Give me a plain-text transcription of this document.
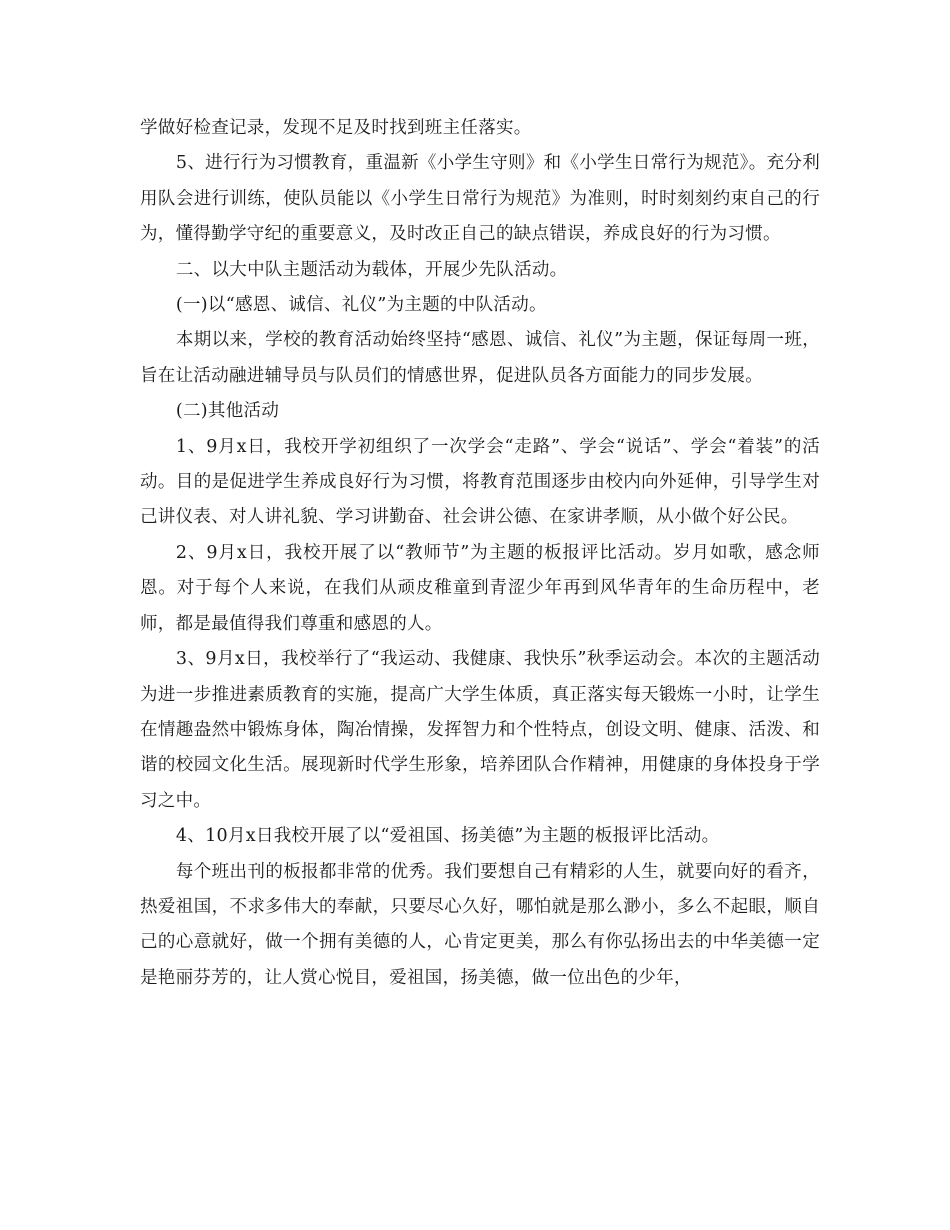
学做好检查记录，发现不足及时找到班主任落实。

5、进行行为习惯教育，重温新《小学生守则》和《小学生日常行为规范》。充分利用队会进行训练，使队员能以《小学生日常行为规范》为准则，时时刻刻约束自己的行为，懂得勤学守纪的重要意义，及时改正自己的缺点错误，养成良好的行为习惯。

二、以大中队主题活动为载体，开展少先队活动。

(一)以“感恩、诚信、礼仪”为主题的中队活动。

本期以来，学校的教育活动始终坚持“感恩、诚信、礼仪”为主题，保证每周一班，旨在让活动融进辅导员与队员们的情感世界，促进队员各方面能力的同步发展。

(二)其他活动

1、9月x日，我校开学初组织了一次学会“走路”、学会“说话”、学会“着装”的活动。目的是促进学生养成良好行为习惯，将教育范围逐步由校内向外延伸，引导学生对己讲仪表、对人讲礼貌、学习讲勤奋、社会讲公德、在家讲孝顺，从小做个好公民。

2、9月x日，我校开展了以“教师节”为主题的板报评比活动。岁月如歌，感念师恩。对于每个人来说，在我们从顽皮稚童到青涩少年再到风华青年的生命历程中，老师，都是最值得我们尊重和感恩的人。

3、9月x日，我校举行了“我运动、我健康、我快乐”秋季运动会。本次的主题活动为进一步推进素质教育的实施，提高广大学生体质，真正落实每天锻炼一小时，让学生在情趣盎然中锻炼身体，陶冶情操，发挥智力和个性特点，创设文明、健康、活泼、和谐的校园文化生活。展现新时代学生形象，培养团队合作精神，用健康的身体投身于学习之中。

4、10月x日我校开展了以“爱祖国、扬美德”为主题的板报评比活动。

每个班出刊的板报都非常的优秀。我们要想自己有精彩的人生，就要向好的看齐，热爱祖国，不求多伟大的奉献，只要尽心久好，哪怕就是那么渺小，多么不起眼，顺自己的心意就好，做一个拥有美德的人，心肯定更美，那么有你弘扬出去的中华美德一定是艳丽芬芳的，让人赏心悦目，爱祖国，扬美德，做一位出色的少年，
